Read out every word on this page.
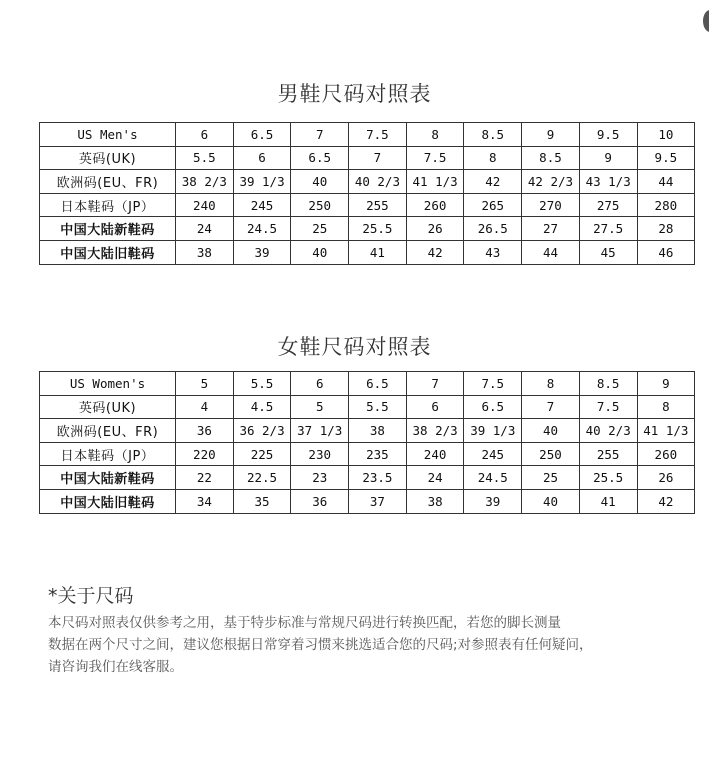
男鞋尺码对照表
US Men's	6	6.5	7	7.5	8	8.5	9	9.5	10
英码(UK)	5.5	6	6.5	7	7.5	8	8.5	9	9.5
欧洲码(EU、FR)	38 2/3	39 1/3	40	40 2/3	41 1/3	42	42 2/3	43 1/3	44
日本鞋码（JP）	240	245	250	255	260	265	270	275	280
中国大陆新鞋码	24	24.5	25	25.5	26	26.5	27	27.5	28
中国大陆旧鞋码	38	39	40	41	42	43	44	45	46
女鞋尺码对照表
US Women's	5	5.5	6	6.5	7	7.5	8	8.5	9
英码(UK)	4	4.5	5	5.5	6	6.5	7	7.5	8
欧洲码(EU、FR)	36	36 2/3	37 1/3	38	38 2/3	39 1/3	40	40 2/3	41 1/3
日本鞋码（JP）	220	225	230	235	240	245	250	255	260
中国大陆新鞋码	22	22.5	23	23.5	24	24.5	25	25.5	26
中国大陆旧鞋码	34	35	36	37	38	39	40	41	42
*关于尺码
本尺码对照表仅供参考之用，基于特步标准与常规尺码进行转换匹配，若您的脚长测量
数据在两个尺寸之间，建议您根据日常穿着习惯来挑选适合您的尺码;对参照表有任何疑问，
请咨询我们在线客服。
